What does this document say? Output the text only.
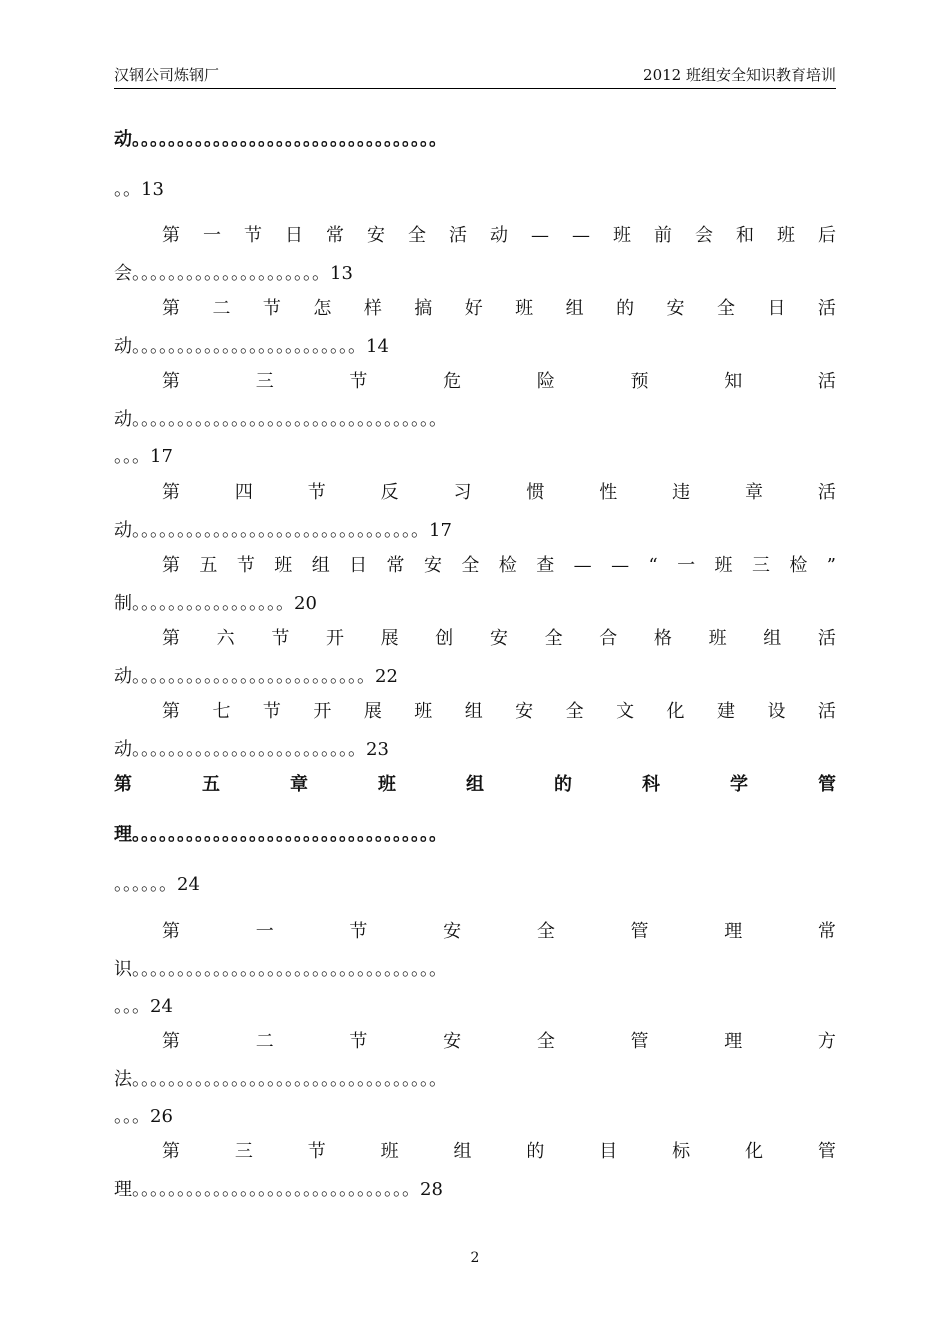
汉钢公司炼钢厂	2012 班组安全知识教育培训
动。。。。。。。。。。。。。。。。。。。。。。。。。。。。。。。。。。
。。13
第 一 节 日 常 安 全 活 动 — — 班 前 会 和 班 后
会。。。。。。。。。。。。。。。。。。。。。13
第 二 节 怎 样 搞 好 班 组 的 安 全 日 活
动。。。。。。。。。。。。。。。。。。。。。。。。。14
第	三	节	危	险	预	知	活
动。。。。。。。。。。。。。。。。。。。。。。。。。。。。。。。。。。
。。。17
第	四	节	反	习	惯	性	违	章	活
动。。。。。。。。。。。。。。。。。。。。。。。。。。。。。。。。17
第 五 节 班 组 日 常 安 全 检 查 — — “ 一 班 三 检 ”
制。。。。。。。。。。。。。。。。。20
第 六 节 开 展 创 安 全 合 格 班 组 活
动。。。。。。。。。。。。。。。。。。。。。。。。。。22
第 七 节 开 展 班 组 安 全 文 化 建 设 活
动。。。。。。。。。。。。。。。。。。。。。。。。。23
第	五	章	班	组	的	科	学	管
理。。。。。。。。。。。。。。。。。。。。。。。。。。。。。。。。。。
。。。。。。24
第	一	节	安	全	管	理	常
识。。。。。。。。。。。。。。。。。。。。。。。。。。。。。。。。。。
。。。24
第	二	节	安	全	管	理	方
法。。。。。。。。。。。。。。。。。。。。。。。。。。。。。。。。。。
。。。26
第	三	节	班	组	的	目	标	化	管
理。。。。。。。。。。。。。。。。。。。。。。。。。。。。。。。28
2
